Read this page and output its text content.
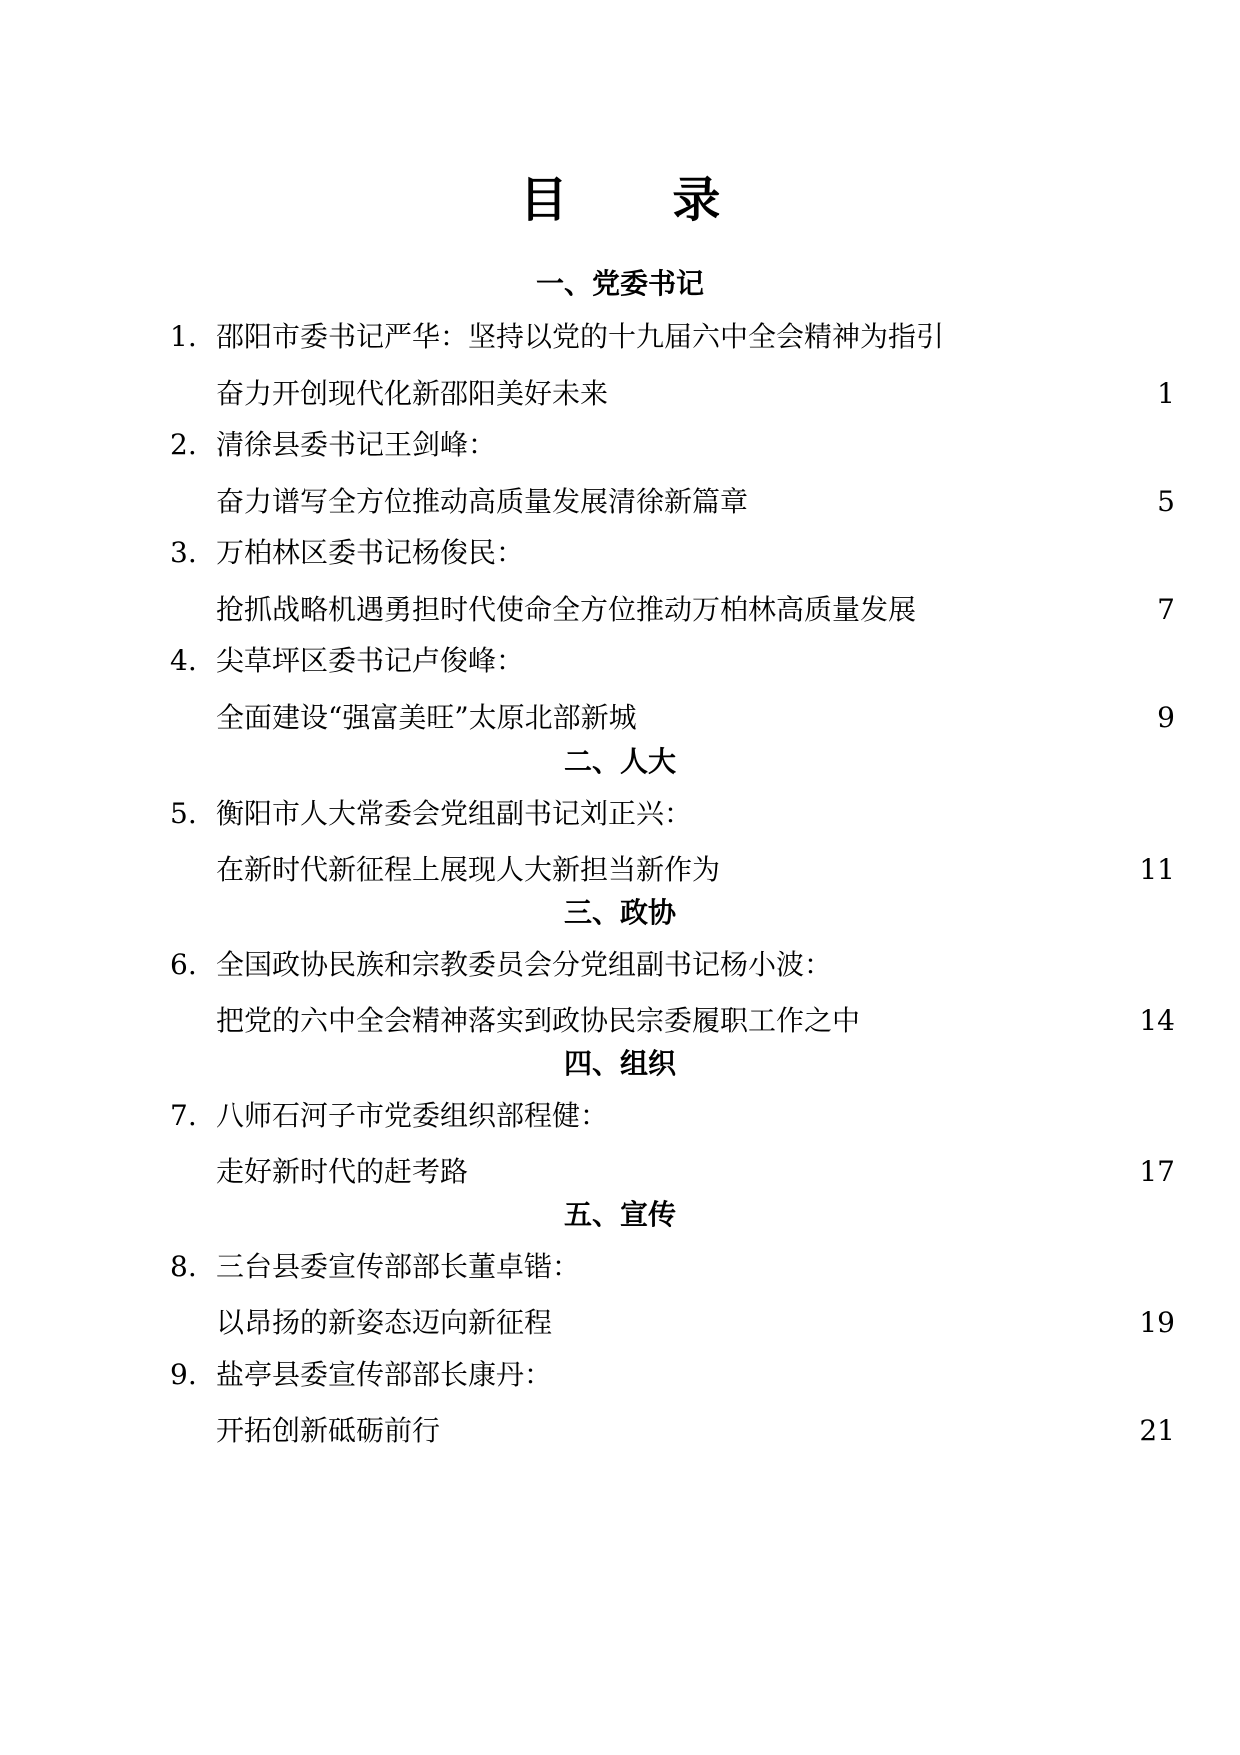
目 录
一、党委书记
1. 邵阳市委书记严华：坚持以党的十九届六中全会精神为指引
奋力开创现代化新邵阳美好未来	1
2. 清徐县委书记王剑峰：
奋力谱写全方位推动高质量发展清徐新篇章	5
3. 万柏林区委书记杨俊民：
抢抓战略机遇勇担时代使命全方位推动万柏林高质量发展	7
4. 尖草坪区委书记卢俊峰：
全面建设“强富美旺”太原北部新城	9
二、人大
5. 衡阳市人大常委会党组副书记刘正兴：
在新时代新征程上展现人大新担当新作为	11
三、政协
6. 全国政协民族和宗教委员会分党组副书记杨小波：
把党的六中全会精神落实到政协民宗委履职工作之中	14
四、组织
7. 八师石河子市党委组织部程健：
走好新时代的赶考路	17
五、宣传
8. 三台县委宣传部部长董卓锴：
以昂扬的新姿态迈向新征程	19
9. 盐亭县委宣传部部长康丹：
开拓创新砥砺前行	21
